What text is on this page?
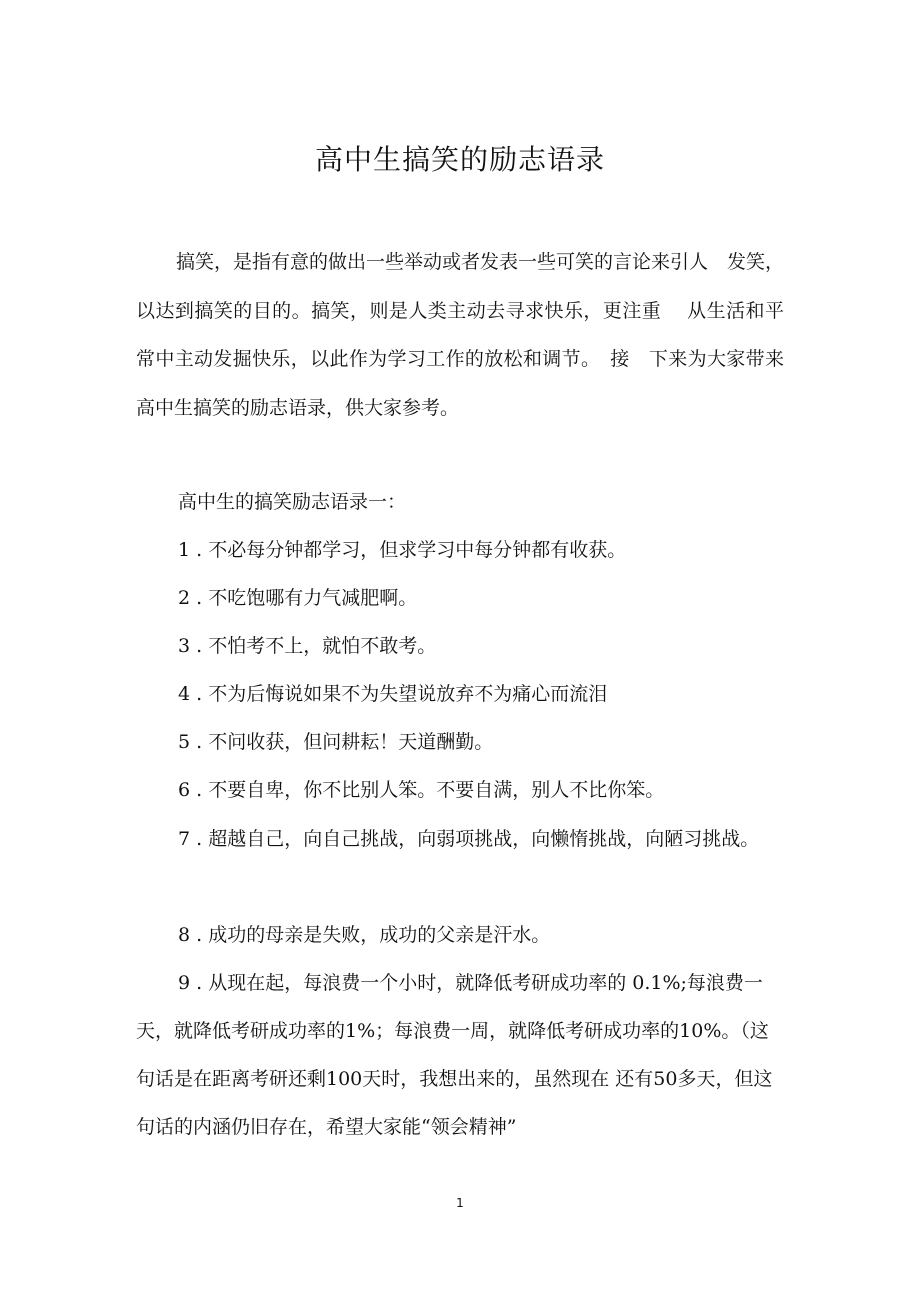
高中生搞笑的励志语录

搞笑，是指有意的做出一些举动或者发表一些可笑的言论来引人　发笑，以达到搞笑的目的。搞笑，则是人类主动去寻求快乐，更注重　 从生活和平常中主动发掘快乐，以此作为学习工作的放松和调节。　接　下来为大家带来高中生搞笑的励志语录，供大家参考。

高中生的搞笑励志语录一：

1 . 不必每分钟都学习，但求学习中每分钟都有收获。

2 . 不吃饱哪有力气减肥啊。

3 . 不怕考不上，就怕不敢考。

4 . 不为后悔说如果不为失望说放弃不为痛心而流泪

5 . 不问收获，但问耕耘！天道酬勤。

6 . 不要自卑，你不比别人笨。不要自满，别人不比你笨。

7 . 超越自己，向自己挑战，向弱项挑战，向懒惰挑战，向陋习挑战。

8 . 成功的母亲是失败，成功的父亲是汗水。

9 . 从现在起，每浪费一个小时，就降低考研成功率的 0.1%;每浪费一天，就降低考研成功率的1%；每浪费一周，就降低考研成功率的10%。（这句话是在距离考研还剩100天时，我想出来的，虽然现在 还有50多天，但这句话的内涵仍旧存在，希望大家能“领会精神”

1
